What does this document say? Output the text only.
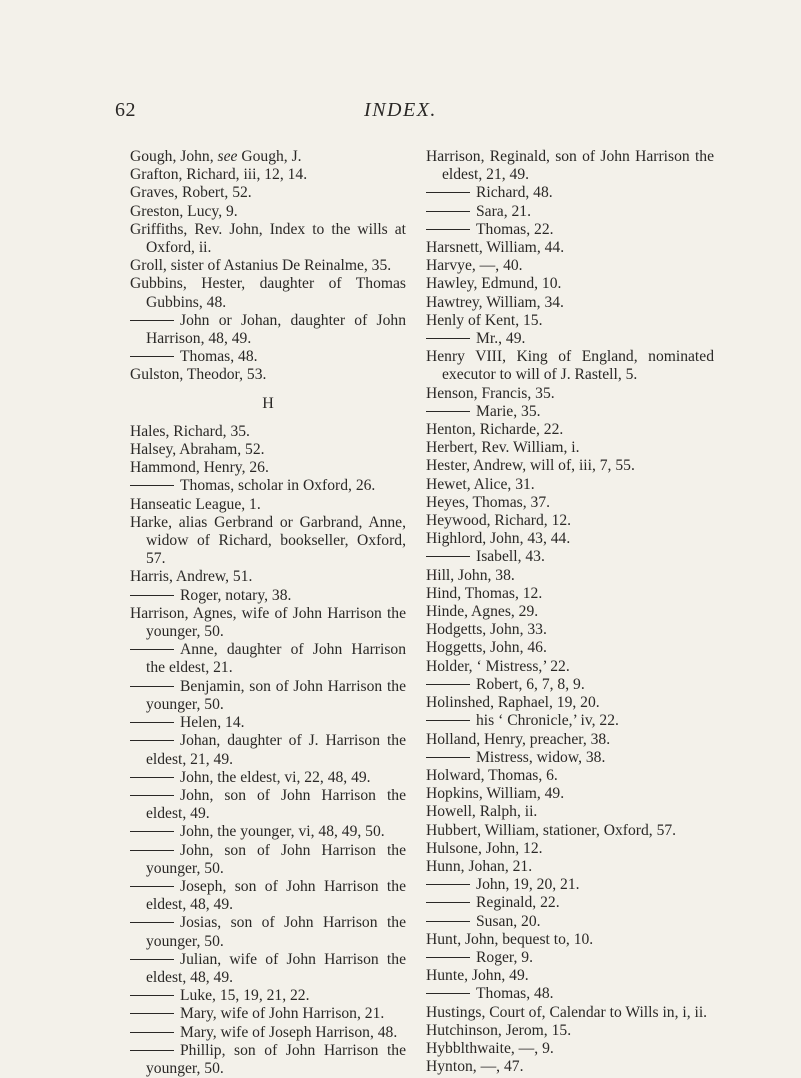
62	INDEX.
Gough, John, see Gough, J.
Grafton, Richard, iii, 12, 14.
Graves, Robert, 52.
Greston, Lucy, 9.
Griffiths, Rev. John, Index to the wills at Oxford, ii.
Groll, sister of Astanius De Reinalme, 35.
Gubbins, Hester, daughter of Thomas Gubbins, 48.
John or Johan, daughter of John Harrison, 48, 49.
Thomas, 48.
Gulston, Theodor, 53.
H
Hales, Richard, 35.
Halsey, Abraham, 52.
Hammond, Henry, 26.
Thomas, scholar in Oxford, 26.
Hanseatic League, 1.
Harke, alias Gerbrand or Garbrand, Anne, widow of Richard, bookseller, Oxford, 57.
Harris, Andrew, 51.
Roger, notary, 38.
Harrison, Agnes, wife of John Harrison the younger, 50.
Anne, daughter of John Harrison the eldest, 21.
Benjamin, son of John Harrison the younger, 50.
Helen, 14.
Johan, daughter of J. Harrison the eldest, 21, 49.
John, the eldest, vi, 22, 48, 49.
John, son of John Harrison the eldest, 49.
John, the younger, vi, 48, 49, 50.
John, son of John Harrison the younger, 50.
Joseph, son of John Harrison the eldest, 48, 49.
Josias, son of John Harrison the younger, 50.
Julian, wife of John Harrison the eldest, 48, 49.
Luke, 15, 19, 21, 22.
Mary, wife of John Harrison, 21.
Mary, wife of Joseph Harrison, 48.
Phillip, son of John Harrison the younger, 50.
Harrison, Reginald, son of John Harrison the eldest, 21, 49.
Richard, 48.
Sara, 21.
Thomas, 22.
Harsnett, William, 44.
Harvye, —, 40.
Hawley, Edmund, 10.
Hawtrey, William, 34.
Henly of Kent, 15.
Mr., 49.
Henry VIII, King of England, nominated executor to will of J. Rastell, 5.
Henson, Francis, 35.
Marie, 35.
Henton, Richarde, 22.
Herbert, Rev. William, i.
Hester, Andrew, will of, iii, 7, 55.
Hewet, Alice, 31.
Heyes, Thomas, 37.
Heywood, Richard, 12.
Highlord, John, 43, 44.
Isabell, 43.
Hill, John, 38.
Hind, Thomas, 12.
Hinde, Agnes, 29.
Hodgetts, John, 33.
Hoggetts, John, 46.
Holder, ‘ Mistress,’ 22.
Robert, 6, 7, 8, 9.
Holinshed, Raphael, 19, 20.
his ‘ Chronicle,’ iv, 22.
Holland, Henry, preacher, 38.
Mistress, widow, 38.
Holward, Thomas, 6.
Hopkins, William, 49.
Howell, Ralph, ii.
Hubbert, William, stationer, Oxford, 57.
Hulsone, John, 12.
Hunn, Johan, 21.
John, 19, 20, 21.
Reginald, 22.
Susan, 20.
Hunt, John, bequest to, 10.
Roger, 9.
Hunte, John, 49.
Thomas, 48.
Hustings, Court of, Calendar to Wills in, i, ii.
Hutchinson, Jerom, 15.
Hybblthwaite, —, 9.
Hynton, —, 47.
